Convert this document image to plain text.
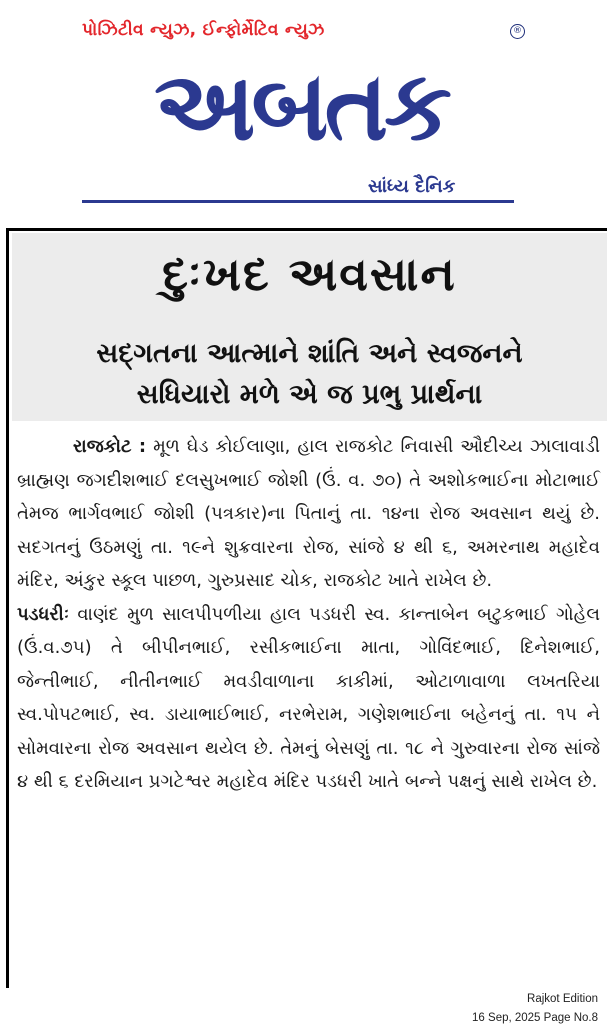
પોઝિટીવ ન્યુઝ, ઈન્ફોર્મેટિવ ન્યુઝ	®
અબતક
સાંધ્ય દૈનિક
દુઃખદ અવસાન
સદ્ગતના આત્માને શાંતિ અને સ્વજનને
સધિયારો મળે એ જ પ્રભુ પ્રાર્થના

રાજકોટ : મૂળ ઘેડ કોઈલાણા, હાલ રાજકોટ નિવાસી ઔદીચ્ય ઝાલાવાડી બ્રાહ્મણ જગદીશભાઈ દલસુખભાઈ જોશી (ઉં. વ. ૭૦) તે અશોકભાઈના મોટાભાઈ તેમજ ભાર્ગવભાઈ જોશી (પત્રકાર)ના પિતાનું તા. ૧૪ના રોજ અવસાન થયું છે. સદગતનું ઉઠમણું તા. ૧૯ને શુક્રવારના રોજ, સાંજે ૪ થી ૬, અમરનાથ મહાદેવ મંદિર, અંકુર સ્કૂલ પાછળ, ગુરુપ્રસાદ ચોક, રાજકોટ ખાતે રાખેલ છે.

પડધરીઃ વાણંદ મુળ સાલપીપળીયા હાલ પડધરી સ્વ. કાન્તાબેન બટુકભાઈ ગોહેલ (ઉં.વ.૭૫) તે બીપીનભાઈ, રસીકભાઈના માતા, ગોવિંદભાઈ, દિનેશભાઈ, જેન્તીભાઈ, નીતીનભાઈ મવડીવાળાના કાકીમાં, ઓટાળાવાળા લખતરિયા સ્વ.પોપટભાઈ, સ્વ. ડાયાભાઈભાઈ, નરભેરામ, ગણેશભાઈના બહેનનું તા. ૧૫ ને સોમવારના રોજ અવસાન થયેલ છે. તેમનું બેસણું તા. ૧૮ ને ગુરુવારના રોજ સાંજે ૪ થી ૬ દરમિયાન પ્રગટેશ્વર મહાદેવ મંદિર પડધરી ખાતે બન્ને પક્ષનું સાથે રાખેલ છે.

Rajkot Edition
16 Sep, 2025 Page No.8
